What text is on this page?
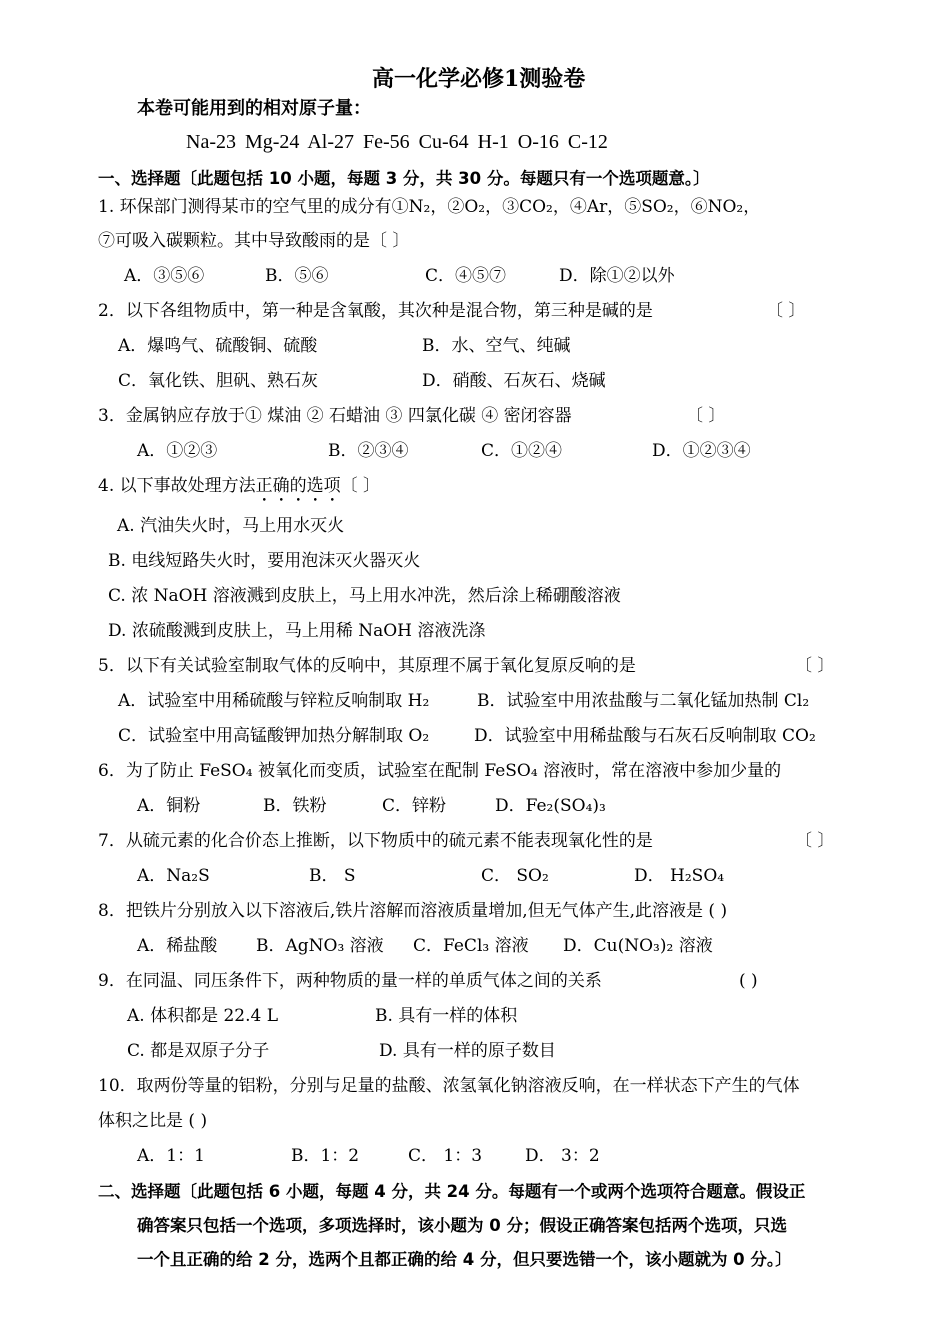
高一化学必修1测验卷
本卷可能用到的相对原子量：
Na-23 Mg-24 Al-27 Fe-56 Cu-64 H-1 O-16 C-12
一、选择题〔此题包括 10 小题，每题 3 分，共 30 分。每题只有一个选项题意。〕
1. 环保部门测得某市的空气里的成分有①N₂，②O₂，③CO₂，④Ar，⑤SO₂，⑥NO₂，
⑦可吸入碳颗粒。其中导致酸雨的是〔 〕
A．③⑤⑥	B．⑤⑥	C．④⑤⑦	D．除①②以外
2．以下各组物质中，第一种是含氧酸，其次种是混合物，第三种是碱的是	〔 〕
A．爆鸣气、硫酸铜、硫酸	B．水、空气、纯碱
C．氧化铁、胆矾、熟石灰	D．硝酸、石灰石、烧碱
3．金属钠应存放于① 煤油 ② 石蜡油 ③ 四氯化碳 ④ 密闭容器	〔 〕
A．①②③	B．②③④	C．①②④	D．①②③④
4. 以下事故处理方法正确的选项〔 〕
A. 汽油失火时，马上用水灭火
B. 电线短路失火时，要用泡沫灭火器灭火
C. 浓 NaOH 溶液溅到皮肤上，马上用水冲洗，然后涂上稀硼酸溶液
D. 浓硫酸溅到皮肤上，马上用稀 NaOH 溶液洗涤
5．以下有关试验室制取气体的反响中，其原理不属于氧化复原反响的是	〔 〕
A．试验室中用稀硫酸与锌粒反响制取 H₂	B．试验室中用浓盐酸与二氧化锰加热制 Cl₂
C．试验室中用高锰酸钾加热分解制取 O₂	D．试验室中用稀盐酸与石灰石反响制取 CO₂
6．为了防止 FeSO₄ 被氧化而变质，试验室在配制 FeSO₄ 溶液时，常在溶液中参加少量的
A．铜粉	B．铁粉	C．锌粉	D．Fe₂(SO₄)₃
7．从硫元素的化合价态上推断，以下物质中的硫元素不能表现氧化性的是	〔 〕
A．Na₂S	B． S	C． SO₂	D． H₂SO₄
8．把铁片分别放入以下溶液后,铁片溶解而溶液质量增加,但无气体产生,此溶液是 ( )
A．稀盐酸 B．AgNO₃ 溶液 C．FeCl₃ 溶液 D．Cu(NO₃)₂ 溶液
9．在同温、同压条件下，两种物质的量一样的单质气体之间的关系	( )
A. 体积都是 22.4 L	B. 具有一样的体积
C. 都是双原子分子	D. 具有一样的原子数目
10．取两份等量的铝粉，分别与足量的盐酸、浓氢氧化钠溶液反响，在一样状态下产生的气体
体积之比是 ( )
A．1：1	B．1：2	C． 1：3	D． 3：2
二、选择题〔此题包括 6 小题，每题 4 分，共 24 分。每题有一个或两个选项符合题意。假设正
确答案只包括一个选项，多项选择时，该小题为 0 分；假设正确答案包括两个选项，只选
一个且正确的给 2 分，选两个且都正确的给 4 分，但只要选错一个，该小题就为 0 分。〕
